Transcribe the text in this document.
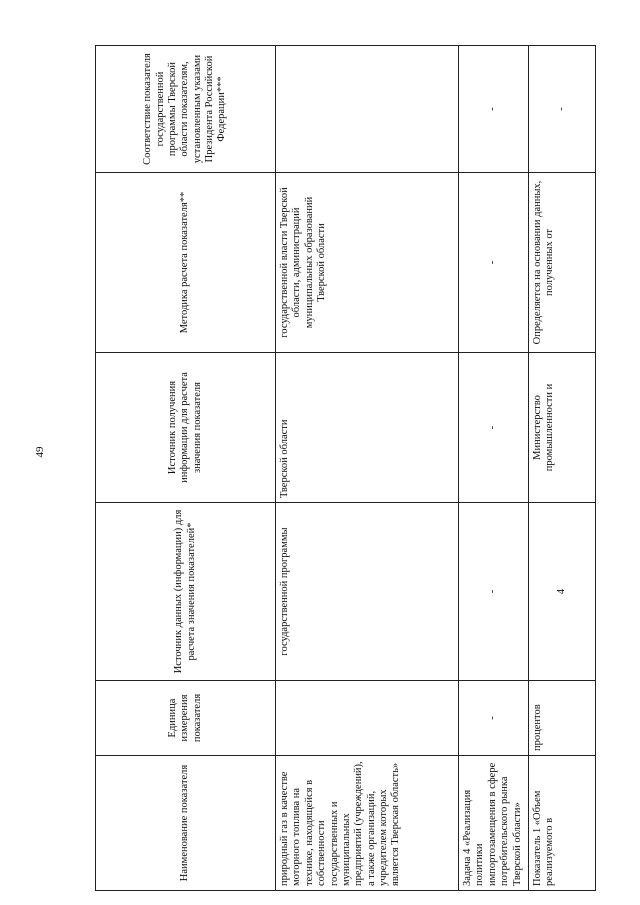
49
Наименование показателя	Единица измерения показателя	Источник данных (информации) для расчета значения показателей*	Источник получения информации для расчета значения показателя	Методика расчета показателя**	Соответствие показателя государственной программы Тверской области показателям, установленным указами Президента Российской Федерации***
природный газ в качестве моторного топлива на технике, находящейся в собственности государственных и муниципальных предприятий (учреждений), а также организаций, учредителем которых является Тверская область»		государственной программы	Тверской области	государственной власти Тверской области, администраций муниципальных образований Тверской области	
Задача 4 «Реализация политики импортозамещения в сфере потребительского рынка Тверской области»	-	-	-	-	-
Показатель 1 «Объем реализуемого в	процентов	4	Министерство промышленности и	Определяется на основании данных, полученных от	-
